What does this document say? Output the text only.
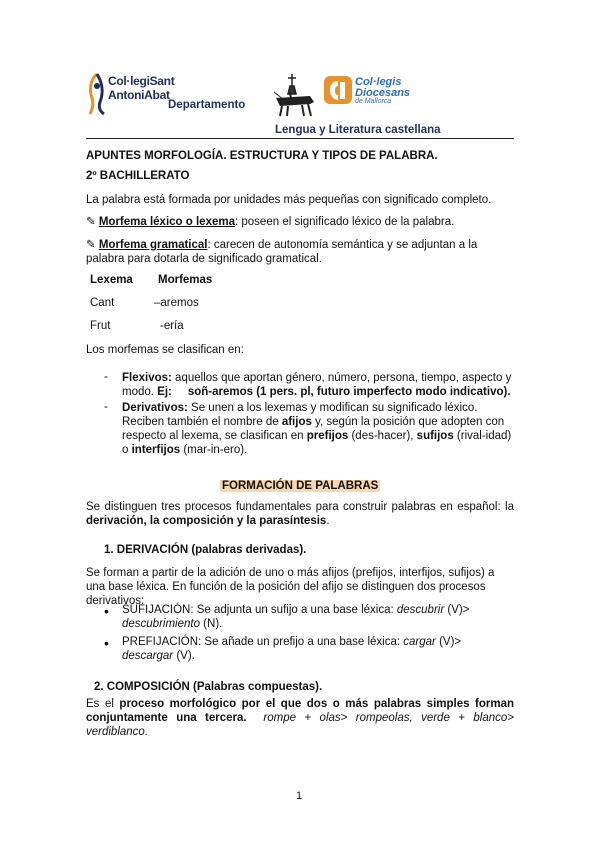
Col·legiSant
AntoniAbat
Departamento
Col·legis
Diocesans
de Mallorca
Lengua y Literatura castellana
APUNTES MORFOLOGÍA. ESTRUCTURA Y TIPOS DE PALABRA.
2º BACHILLERATO
La palabra está formada por unidades más pequeñas con significado completo.
✎ Morfema léxico o lexema: poseen el significado léxico de la palabra.
✎ Morfema gramatical: carecen de autonomía semántica y se adjuntan a la palabra para dotarla de significado gramatical.
Lexema Morfemas
Cant	–aremos
Frut	-ería
Los morfemas se clasifican en:
- Flexivos: aquellos que aportan género, número, persona, tiempo, aspecto y modo. Ej:     soñ-aremos (1 pers. pl, futuro imperfecto modo indicativo).
- Derivativos: Se unen a los lexemas y modifican su significado léxico. Reciben también el nombre de afijos y, según la posición que adopten con respecto al lexema, se clasifican en prefijos (des-hacer), sufijos (rival-idad) o interfijos (mar-in-ero).
FORMACIÓN DE PALABRAS
Se distinguen tres procesos fundamentales para construir palabras en español: la derivación, la composición y la parasíntesis.
1. DERIVACIÓN (palabras derivadas).
Se forman a partir de la adición de uno o más afijos (prefijos, interfijos, sufijos) a una base léxica. En función de la posición del afijo se distinguen dos procesos derivativos:
• SUFIJACIÓN: Se adjunta un sufijo a una base léxica: descubrir (V)> descubrimiento (N).
• PREFIJACIÓN: Se añade un prefijo a una base léxica: cargar (V)> descargar (V).
2. COMPOSICIÓN (Palabras compuestas).
Es el proceso morfológico por el que dos o más palabras simples forman conjuntamente una tercera.  rompe + olas> rompeolas, verde + blanco> verdiblanco.
1
